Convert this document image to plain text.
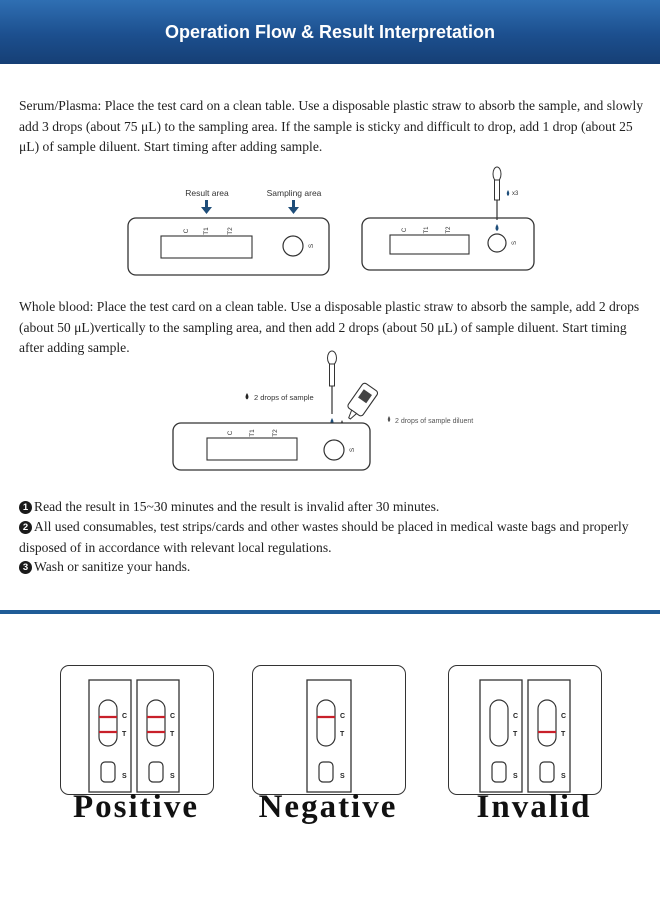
Operation Flow & Result Interpretation
Serum/Plasma: Place the test card on a clean table. Use a disposable plastic straw to absorb the sample, and slowly add 3 drops (about 75 μL) to the sampling area. If the sample is sticky and difficult to drop, add 1 drop (about 25 μL) of sample diluent. Start timing after adding sample.
Result area	Sampling area
C T1	T2
S
C	T1	T2
S
x3
Whole blood: Place the test card on a clean table. Use a disposable plastic straw to absorb the sample, add 2 drops (about 50 μL)vertically to the sampling area, and then add 2 drops (about 50 μL) of sample diluent. Start timing after adding sample.
2 drops of sample
2 drops of sample diluent
C T1 T2
S
1 Read the result in 15~30 minutes and the result is invalid after 30 minutes.
2 All used consumables, test strips/cards and other wastes should be placed in medical waste bags and properly disposed of in accordance with relevant local regulations.
3 Wash or sanitize your hands.
C
T
S
C
T
S
C
T
S
C
T
S
C
T
S
Positive	Negative	Invalid
